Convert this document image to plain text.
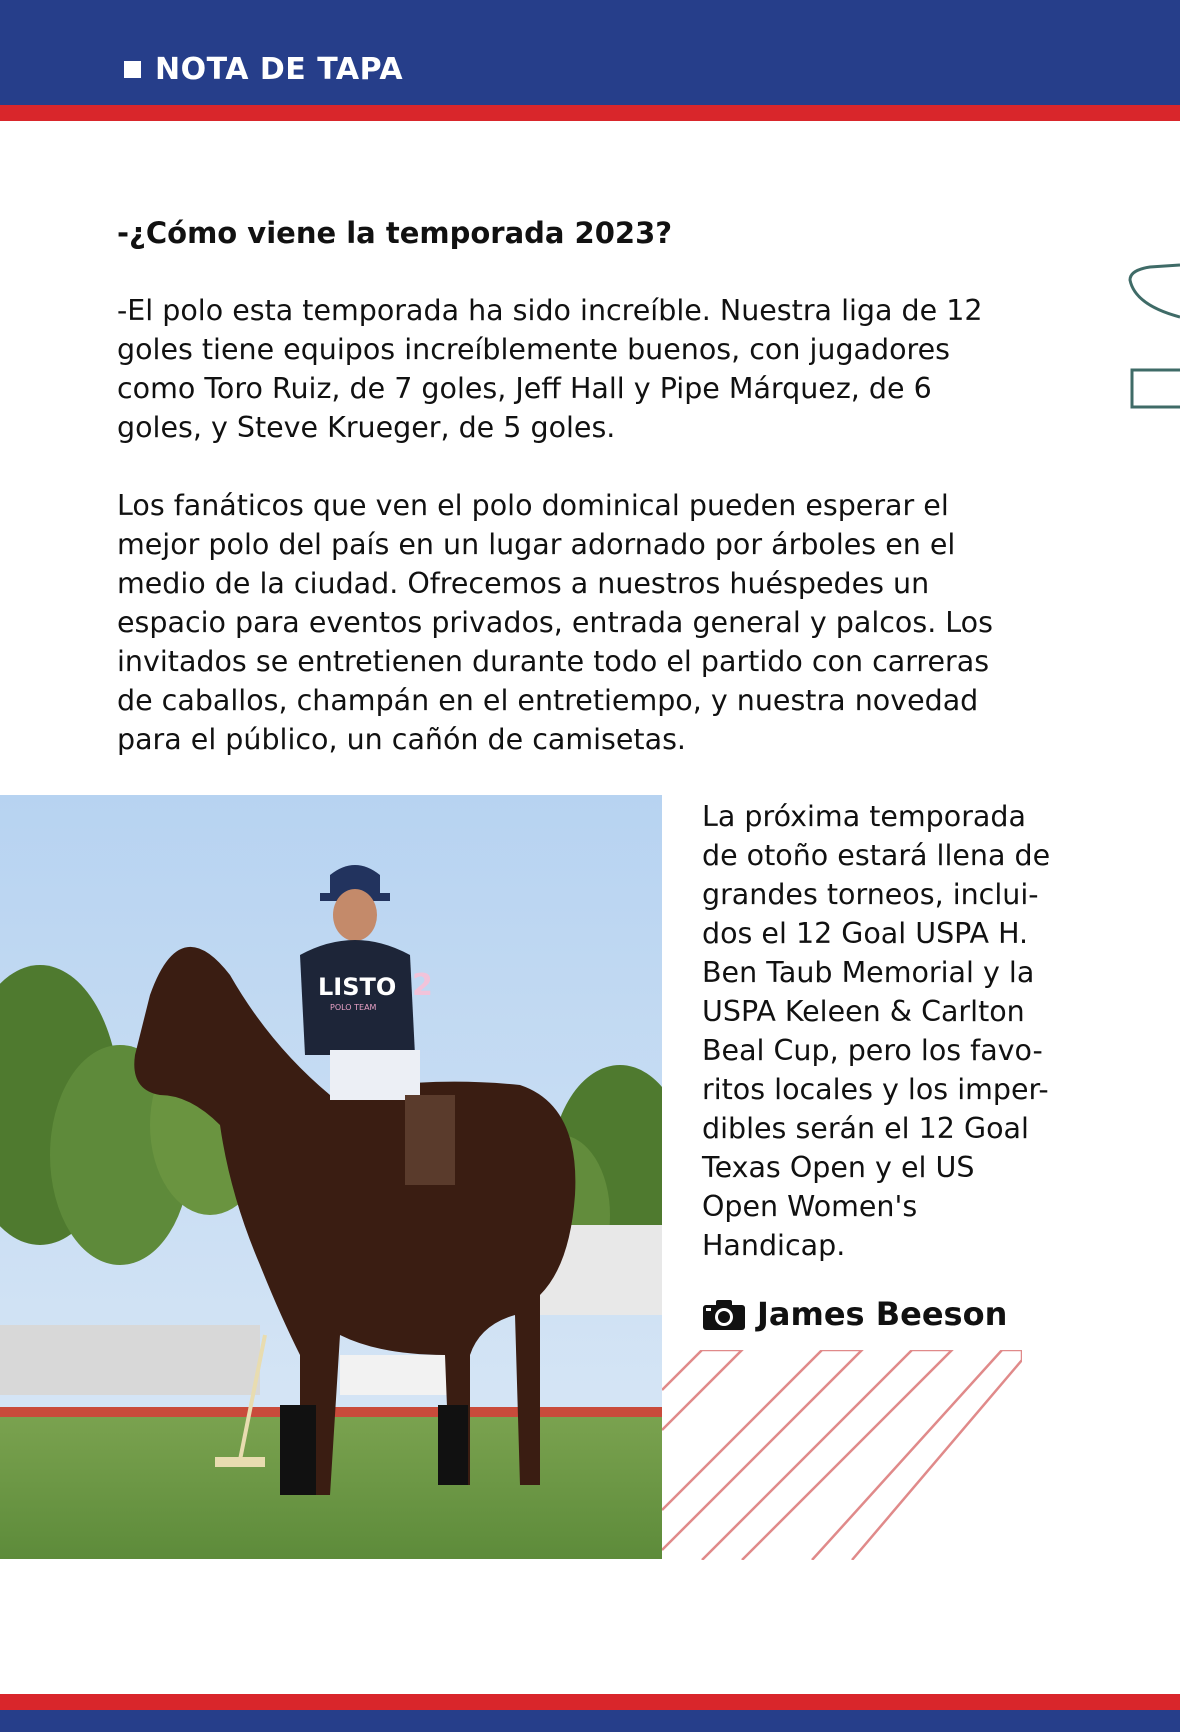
NOTA DE TAPA
-¿Cómo viene la temporada 2023?

-El polo esta temporada ha sido increíble. Nuestra liga de 12
goles tiene equipos increíblemente buenos, con jugadores
como Toro Ruiz, de 7 goles, Jeff Hall y Pipe Márquez, de 6
goles, y Steve Krueger, de 5 goles.

Los fanáticos que ven el polo dominical pueden esperar el
mejor polo del país en un lugar adornado por árboles en el
medio de la ciudad. Ofrecemos a nuestros huéspedes un
espacio para eventos privados, entrada general y palcos. Los
invitados se entretienen durante todo el partido con carreras
de caballos, champán en el entretiempo, y nuestra novedad
para el público, un cañón de camisetas.

LISTO
POLO TEAM
2

La próxima temporada
de otoño estará llena de
grandes torneos, inclui-
dos el 12 Goal USPA H.
Ben Taub Memorial y la
USPA Keleen & Carlton
Beal Cup, pero los favo-
ritos locales y los imper-
dibles serán el 12 Goal
Texas Open y el US
Open Women's
Handicap.

James Beeson
